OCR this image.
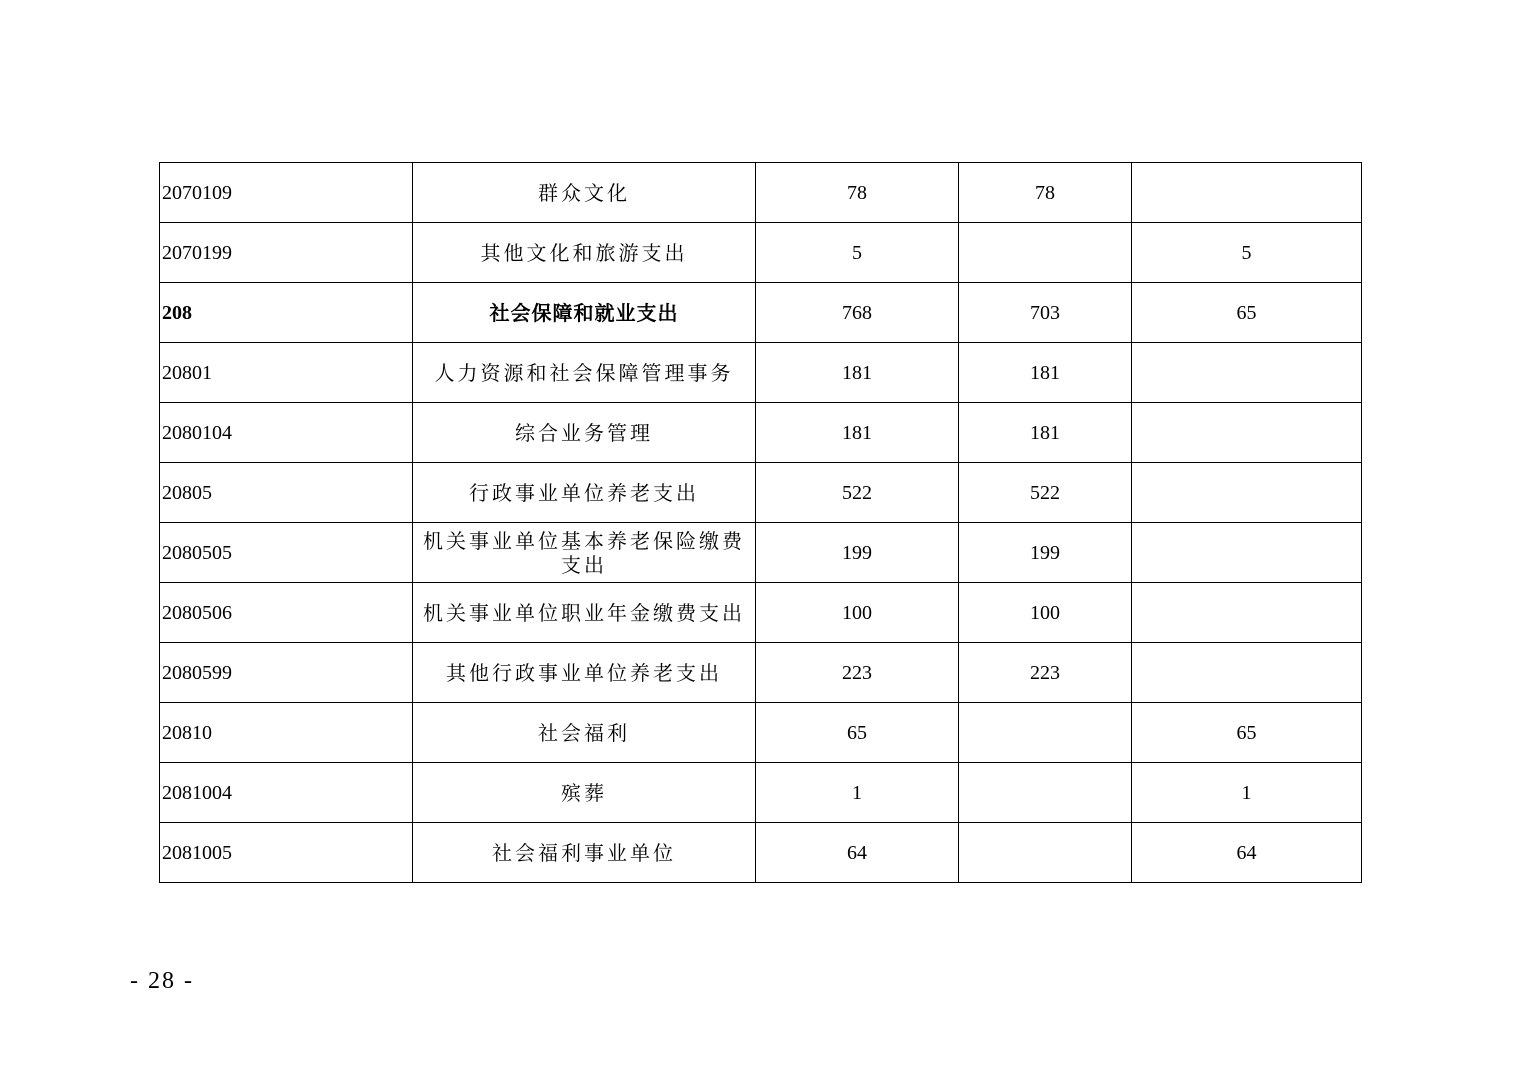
2070109	群众文化	78	78	
2070199	其他文化和旅游支出	5		5
208	社会保障和就业支出	768	703	65
20801	人力资源和社会保障管理事务	181	181	
2080104	综合业务管理	181	181	
20805	行政事业单位养老支出	522	522	
2080505	机关事业单位基本养老保险缴费支出	199	199	
2080506	机关事业单位职业年金缴费支出	100	100	
2080599	其他行政事业单位养老支出	223	223	
20810	社会福利	65		65
2081004	殡葬	1		1
2081005	社会福利事业单位	64		64
- 28 -
